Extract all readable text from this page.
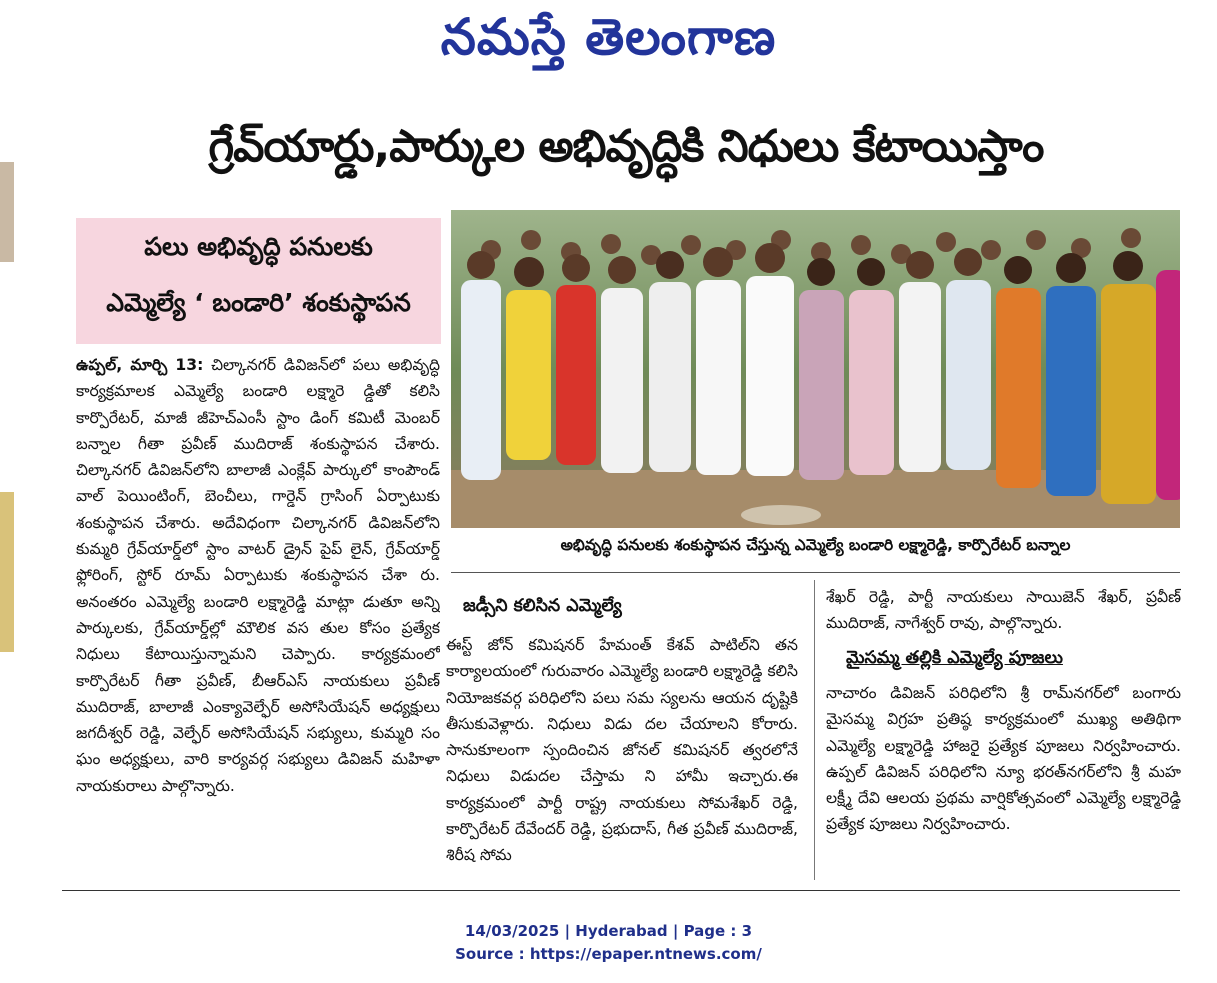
నమస్తే తెలంగాణ
గ్రేవ్‌యార్డు,పార్కుల అభివృద్ధికి నిధులు కేటాయిస్తాం
పలు అభివృద్ధి పనులకు
ఎమ్మెల్యే ‘ బండారి’ శంకుస్థాపన

ఉప్పల్‌, మార్చి 13: చిల్కానగర్‌ డివిజన్‌లో పలు అభివృద్ధి కార్యక్రమాలక ఎమ్మెల్యే బండారి లక్ష్మారె డ్డితో కలిసి కార్పొరేటర్‌, మాజీ జీహెచ్‌ఎంసీ స్టాం డింగ్‌ కమిటీ మెంబర్‌ బన్నాల గీతా ప్రవీణ్‌ ముదిరాజ్‌ శంకుస్థాపన చేశారు. చిల్కానగర్‌ డివిజన్‌లోని బాలాజీ ఎంక్లేవ్‌ పార్కులో కాంపౌండ్‌ వాల్‌ పెయింటింగ్‌, బెంచీలు, గార్డెన్‌ గ్రాసింగ్‌ ఏర్పాటుకు శంకుస్థాపన చేశారు. అదేవిధంగా చిల్కానగర్‌ డివిజన్‌లోని కుమ్మరి గ్రేవ్‌యార్డ్‌లో స్టాం వాటర్‌ డ్రైన్‌ పైప్‌ లైన్‌, గ్రేవ్‌యార్డ్‌ ఫ్లోరింగ్‌, స్టోర్‌ రూమ్‌ ఏర్పాటుకు శంకుస్థాపన చేశా రు. అనంతరం ఎమ్మెల్యే బండారి లక్ష్మారెడ్డి మాట్లా డుతూ అన్ని పార్కులకు, గ్రేవ్‌యార్డ్‌ల్లో మౌలిక వస తుల కోసం ప్రత్యేక నిధులు కేటాయిస్తున్నామని చెప్పారు. కార్యక్రమంలో కార్పొరేటర్‌ గీతా ప్రవీణ్‌, బీఆర్‌ఎస్‌ నాయకులు ప్రవీణ్‌ ముదిరాజ్‌, బాలాజీ ఎంక్యావెల్ఫేర్‌ అసోసియేషన్‌ అధ్యక్షులు జగదీశ్వర్‌ రెడ్డి, వెల్ఫేర్‌ అసోసియేషన్‌ సభ్యులు, కుమ్మరి సం ఘం అధ్యక్షులు, వారి కార్యవర్గ సభ్యులు డివిజన్‌ మహిళా నాయకురాలు పాల్గొన్నారు.

అభివృద్ధి పనులకు శంకుస్థాపన చేస్తున్న ఎమ్మెల్యే బండారి లక్ష్మారెడ్డి, కార్పొరేటర్‌ బన్నాల
జడ్సీని కలిసిన ఎమ్మెల్యే

ఈస్ట్‌ జోన్‌ కమిషనర్‌ హేమంత్‌ కేశవ్‌ పాటిల్‌ని తన కార్యాలయంలో గురువారం ఎమ్మెల్యే బండారి లక్ష్మారెడ్డి కలిసి నియోజకవర్గ పరిధిలోని పలు సమ స్యలను ఆయన దృష్టికి తీసుకువెళ్లారు. నిధులు విడు దల చేయాలని కోరారు. సానుకూలంగా స్పందించిన జోనల్‌ కమిషనర్‌ త్వరలోనే నిధులు విడుదల చేస్తామ ని హామీ ఇచ్చారు.ఈ కార్యక్రమంలో పార్టీ రాష్ట్ర నాయకులు సోమశేఖర్‌ రెడ్డి, కార్పొరేటర్‌ దేవేందర్‌ రెడ్డి, ప్రభుదాస్‌, గీత ప్రవీణ్‌ ముదిరాజ్‌, శిరీష సోమ

శేఖర్‌ రెడ్డి, పార్టీ నాయకులు సాయిజెన్‌ శేఖర్‌, ప్రవీణ్‌ ముదిరాజ్‌, నాగేశ్వర్‌ రావు, పాల్గొన్నారు.

మైసమ్మ తల్లికి ఎమ్మెల్యే పూజలు

నాచారం డివిజన్‌ పరిధిలోని శ్రీ రామ్‌నగర్‌లో బంగారు మైసమ్మ విగ్రహ ప్రతిష్ఠ కార్యక్రమంలో ముఖ్య అతిథిగా ఎమ్మెల్యే లక్ష్మారెడ్డి హాజరై ప్రత్యేక పూజలు నిర్వహించారు. ఉప్పల్‌ డివిజన్‌ పరిధిలోని న్యూ భరత్‌నగర్‌లోని శ్రీ మహ లక్ష్మీ దేవి ఆలయ ప్రథమ వార్షికోత్సవంలో ఎమ్మెల్యే లక్ష్మారెడ్డి ప్రత్యేక పూజలు నిర్వహించారు.

14/03/2025 | Hyderabad | Page : 3
Source : https://epaper.ntnews.com/
